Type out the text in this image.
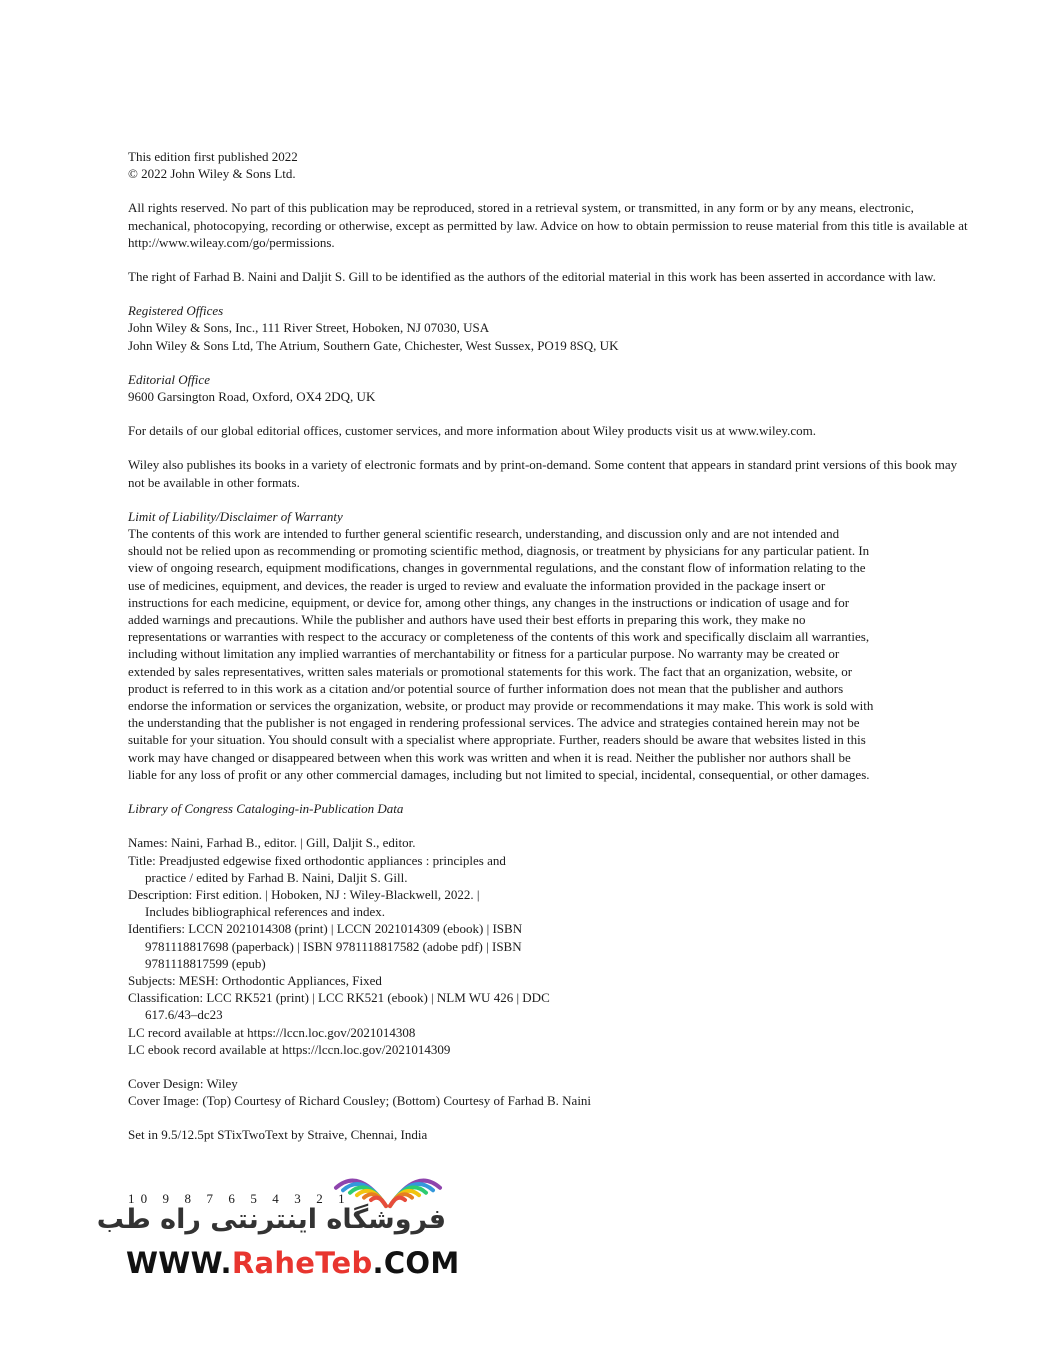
This edition first published 2022
© 2022 John Wiley & Sons Ltd.
All rights reserved. No part of this publication may be reproduced, stored in a retrieval system, or transmitted, in any form or by any means, electronic, mechanical, photocopying, recording or otherwise, except as permitted by law. Advice on how to obtain permission to reuse material from this title is available at http://www.wileay.com/go/permissions.
The right of Farhad B. Naini and Daljit S. Gill to be identified as the authors of the editorial material in this work has been asserted in accordance with law.
Registered Offices
John Wiley & Sons, Inc., 111 River Street, Hoboken, NJ 07030, USA
John Wiley & Sons Ltd, The Atrium, Southern Gate, Chichester, West Sussex, PO19 8SQ, UK
Editorial Office
9600 Garsington Road, Oxford, OX4 2DQ, UK
For details of our global editorial offices, customer services, and more information about Wiley products visit us at www.wiley.com.
Wiley also publishes its books in a variety of electronic formats and by print-on-demand. Some content that appears in standard print versions of this book may not be available in other formats.
Limit of Liability/Disclaimer of Warranty
The contents of this work are intended to further general scientific research, understanding, and discussion only and are not intended and
should not be relied upon as recommending or promoting scientific method, diagnosis, or treatment by physicians for any particular patient. In
view of ongoing research, equipment modifications, changes in governmental regulations, and the constant flow of information relating to the
use of medicines, equipment, and devices, the reader is urged to review and evaluate the information provided in the package insert or
instructions for each medicine, equipment, or device for, among other things, any changes in the instructions or indication of usage and for
added warnings and precautions. While the publisher and authors have used their best efforts in preparing this work, they make no
representations or warranties with respect to the accuracy or completeness of the contents of this work and specifically disclaim all warranties,
including without limitation any implied warranties of merchantability or fitness for a particular purpose. No warranty may be created or
extended by sales representatives, written sales materials or promotional statements for this work. The fact that an organization, website, or
product is referred to in this work as a citation and/or potential source of further information does not mean that the publisher and authors
endorse the information or services the organization, website, or product may provide or recommendations it may make. This work is sold with
the understanding that the publisher is not engaged in rendering professional services. The advice and strategies contained herein may not be
suitable for your situation. You should consult with a specialist where appropriate. Further, readers should be aware that websites listed in this
work may have changed or disappeared between when this work was written and when it is read. Neither the publisher nor authors shall be
liable for any loss of profit or any other commercial damages, including but not limited to special, incidental, consequential, or other damages.
Library of Congress Cataloging-in-Publication Data
Names: Naini, Farhad B., editor. | Gill, Daljit S., editor.
Title: Preadjusted edgewise fixed orthodontic appliances : principles and
practice / edited by Farhad B. Naini, Daljit S. Gill.
Description: First edition. | Hoboken, NJ : Wiley-Blackwell, 2022. |
Includes bibliographical references and index.
Identifiers: LCCN 2021014308 (print) | LCCN 2021014309 (ebook) | ISBN
9781118817698 (paperback) | ISBN 9781118817582 (adobe pdf) | ISBN
9781118817599 (epub)
Subjects: MESH: Orthodontic Appliances, Fixed
Classification: LCC RK521 (print) | LCC RK521 (ebook) | NLM WU 426 | DDC
617.6/43–dc23
LC record available at https://lccn.loc.gov/2021014308
LC ebook record available at https://lccn.loc.gov/2021014309
Cover Design: Wiley
Cover Image: (Top) Courtesy of Richard Cousley; (Bottom) Courtesy of Farhad B. Naini
Set in 9.5/12.5pt STixTwoText by Straive, Chennai, India
10 9 8 7 6 5 4 3 2 1
فروشگاه اینترنتی راه طب
WWW.RaheTeb.COM
